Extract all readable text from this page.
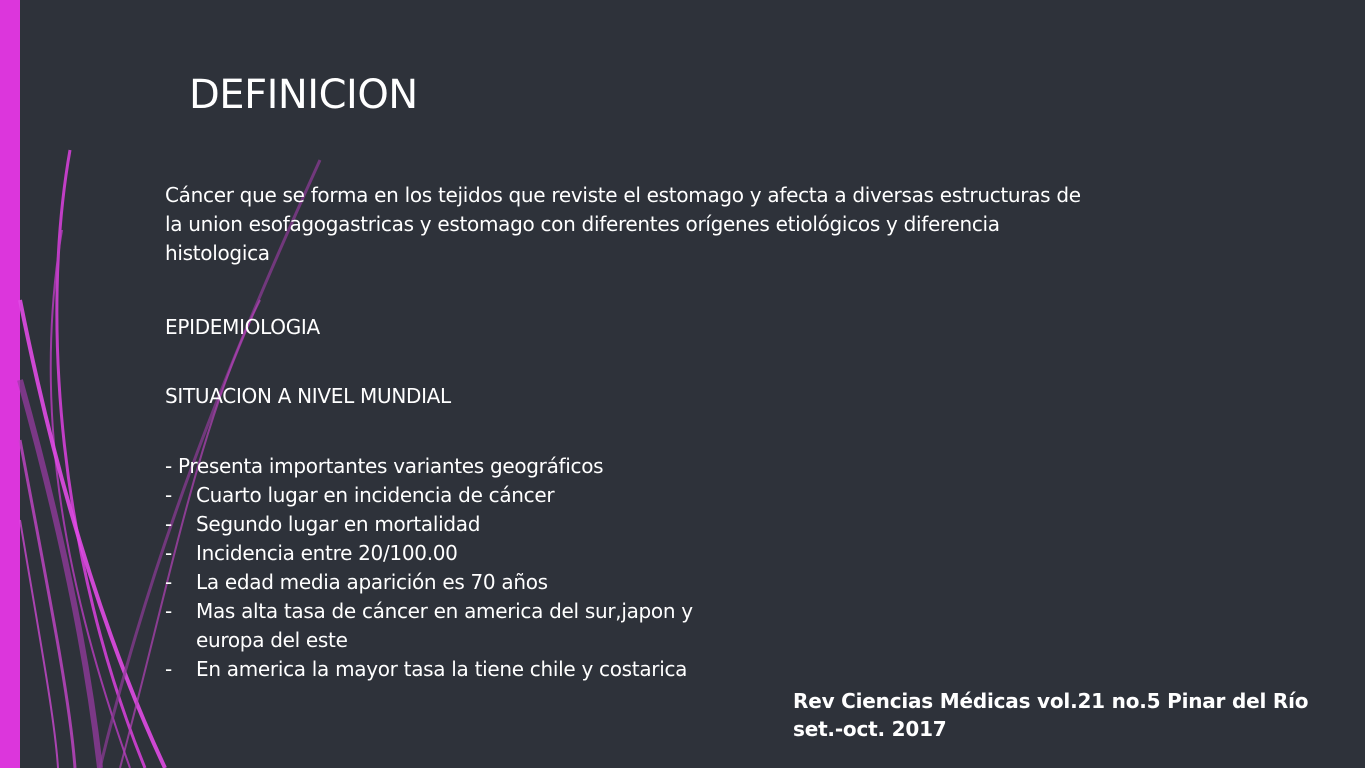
DEFINICION

Cáncer que se forma en los tejidos que reviste el estomago y afecta a diversas estructuras de la union esofagogastricas y estomago con diferentes orígenes etiológicos y diferencia histologica

EPIDEMIOLOGIA

SITUACION A NIVEL MUNDIAL

- Presenta importantes variantes geográficos
- Cuarto lugar en incidencia de cáncer
- Segundo lugar en mortalidad
- Incidencia entre 20/100.00
- La edad media aparición es 70 años
- Mas alta tasa de cáncer en america del sur,japon y europa del este
- En america la mayor tasa la tiene chile y costarica
Rev Ciencias Médicas vol.21 no.5 Pinar del Río set.-oct. 2017
